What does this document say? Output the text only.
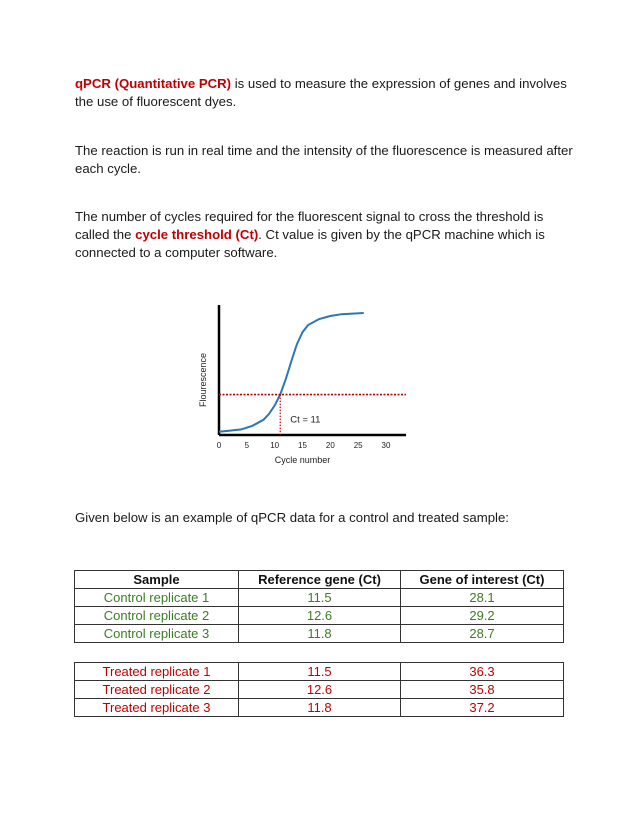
qPCR (Quantitative PCR) is used to measure the expression of genes and involves the use of fluorescent dyes.

The reaction is run in real time and the intensity of the fluorescence is measured after each cycle.

The number of cycles required for the fluorescent signal to cross the threshold is called the cycle threshold (Ct). Ct value is given by the qPCR machine which is connected to a computer software.

Ct = 11
0	5	10 15 20 25 30
Cycle number
Flourescence

Given below is an example of qPCR data for a control and treated sample:

Sample	Reference gene (Ct)	Gene of interest (Ct)
Control replicate 1	11.5	28.1
Control replicate 2	12.6	29.2
Control replicate 3	11.8	28.7
Treated replicate 1	11.5	36.3
Treated replicate 2	12.6	35.8
Treated replicate 3	11.8	37.2
